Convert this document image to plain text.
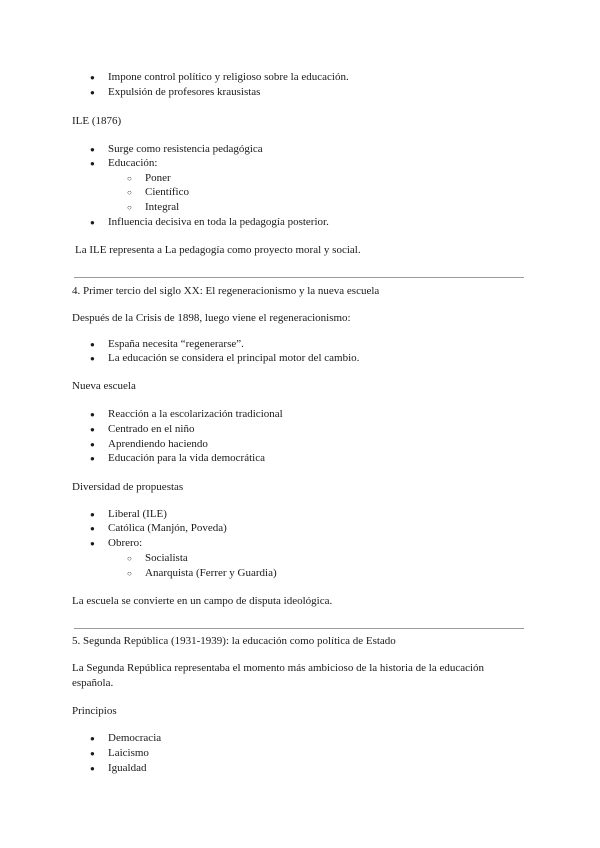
● Impone control político y religioso sobre la educación.
● Expulsión de profesores krausistas
ILE (1876)
● Surge como resistencia pedagógica
● Educación:
○ Poner
○ Científico
○ Integral
● Influencia decisiva en toda la pedagogía posterior.
La ILE representa a La pedagogía como proyecto moral y social.
4. Primer tercio del siglo XX: El regeneracionismo y la nueva escuela
Después de la Crisis de 1898, luego viene el regeneracionismo:
● España necesita “regenerarse”.
● La educación se considera el principal motor del cambio.
Nueva escuela
● Reacción a la escolarización tradicional
● Centrado en el niño
● Aprendiendo haciendo
● Educación para la vida democrática
Diversidad de propuestas
● Liberal (ILE)
● Católica (Manjón, Poveda)
● Obrero:
○ Socialista
○ Anarquista (Ferrer y Guardia)
La escuela se convierte en un campo de disputa ideológica.
5. Segunda República (1931-1939): la educación como política de Estado
La Segunda República representaba el momento más ambicioso de la historia de la educación
española.
Principios
● Democracia
● Laicismo
● Igualdad
